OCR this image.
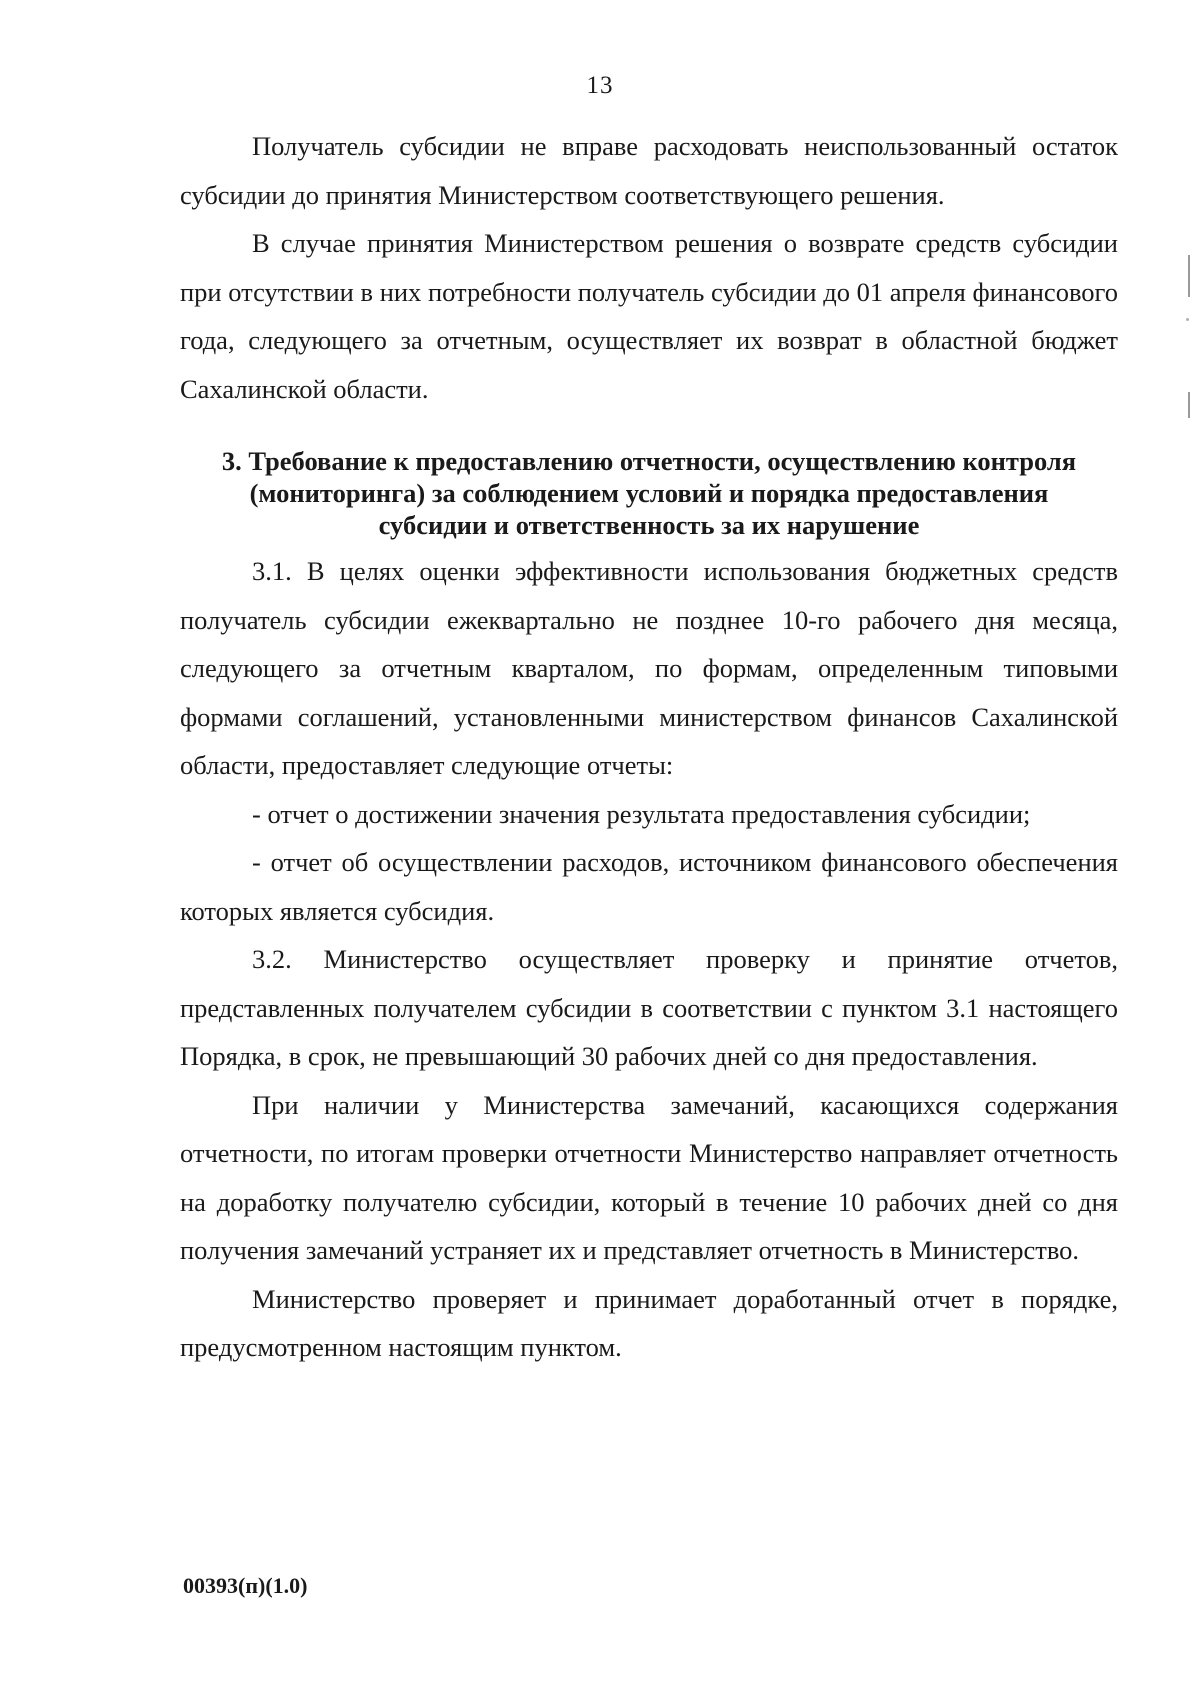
13

Получатель субсидии не вправе расходовать неиспользованный остаток субсидии до принятия Министерством соответствующего решения.

В случае принятия Министерством решения о возврате средств субсидии при отсутствии в них потребности получатель субсидии до 01 апреля финансового года, следующего за отчетным, осуществляет их возврат в областной бюджет Сахалинской области.

3. Требование к предоставлению отчетности, осуществлению контроля (мониторинга) за соблюдением условий и порядка предоставления субсидии и ответственность за их нарушение

3.1. В целях оценки эффективности использования бюджетных средств получатель субсидии ежеквартально не позднее 10-го рабочего дня месяца, следующего за отчетным кварталом, по формам, определенным типовыми формами соглашений, установленными министерством финансов Сахалинской области, предоставляет следующие отчеты:

- отчет о достижении значения результата предоставления субсидии;

- отчет об осуществлении расходов, источником финансового обеспечения которых является субсидия.

3.2. Министерство осуществляет проверку и принятие отчетов, представленных получателем субсидии в соответствии с пунктом 3.1 настоящего Порядка, в срок, не превышающий 30 рабочих дней со дня предоставления.

При наличии у Министерства замечаний, касающихся содержания отчетности, по итогам проверки отчетности Министерство направляет отчетность на доработку получателю субсидии, который в течение 10 рабочих дней со дня получения замечаний устраняет их и представляет отчетность в Министерство.

Министерство проверяет и принимает доработанный отчет в порядке, предусмотренном настоящим пунктом.

00393(п)(1.0)
